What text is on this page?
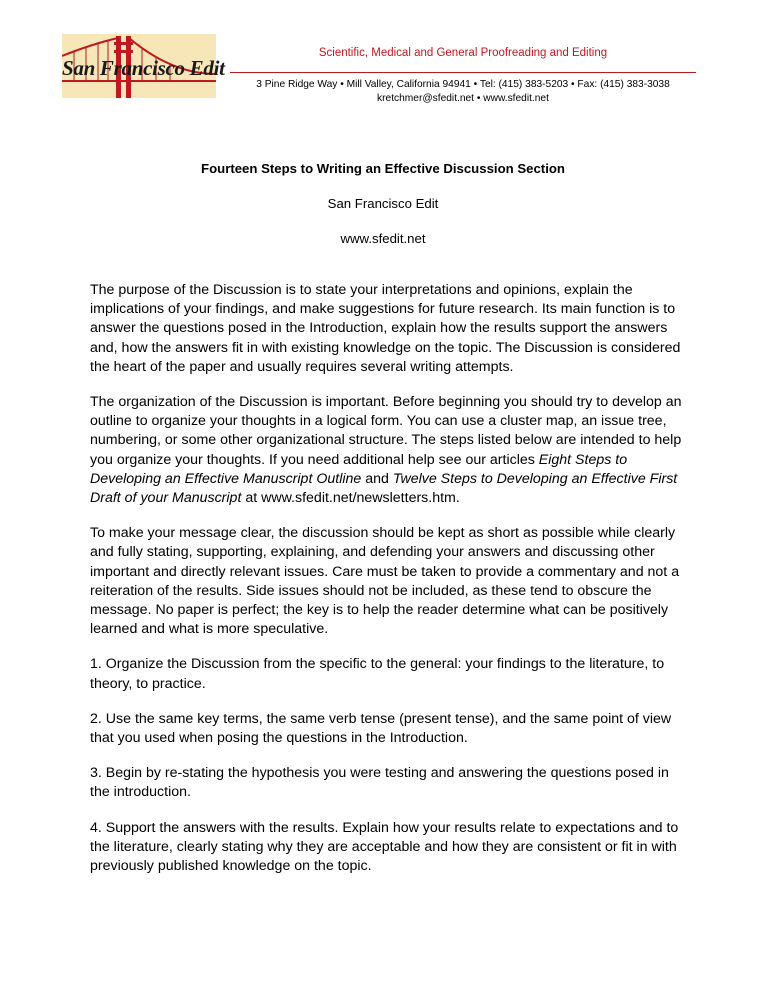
San Francisco Edit
Scientific, Medical and General Proofreading and Editing
3 Pine Ridge Way • Mill Valley, California 94941 • Tel: (415) 383-5203 • Fax: (415) 383-3038
kretchmer@sfedit.net • www.sfedit.net
Fourteen Steps to Writing an Effective Discussion Section
San Francisco Edit
www.sfedit.net

The purpose of the Discussion is to state your interpretations and opinions, explain the implications of your findings, and make suggestions for future research. Its main function is to answer the questions posed in the Introduction, explain how the results support the answers and, how the answers fit in with existing knowledge on the topic. The Discussion is considered the heart of the paper and usually requires several writing attempts.

The organization of the Discussion is important. Before beginning you should try to develop an outline to organize your thoughts in a logical form. You can use a cluster map, an issue tree, numbering, or some other organizational structure. The steps listed below are intended to help you organize your thoughts. If you need additional help see our articles Eight Steps to Developing an Effective Manuscript Outline and Twelve Steps to Developing an Effective First Draft of your Manuscript at www.sfedit.net/newsletters.htm.

To make your message clear, the discussion should be kept as short as possible while clearly and fully stating, supporting, explaining, and defending your answers and discussing other important and directly relevant issues. Care must be taken to provide a commentary and not a reiteration of the results. Side issues should not be included, as these tend to obscure the message. No paper is perfect; the key is to help the reader determine what can be positively learned and what is more speculative.

1. Organize the Discussion from the specific to the general: your findings to the literature, to theory, to practice.

2. Use the same key terms, the same verb tense (present tense), and the same point of view that you used when posing the questions in the Introduction.

3. Begin by re-stating the hypothesis you were testing and answering the questions posed in the introduction.

4. Support the answers with the results. Explain how your results relate to expectations and to the literature, clearly stating why they are acceptable and how they are consistent or fit in with previously published knowledge on the topic.
